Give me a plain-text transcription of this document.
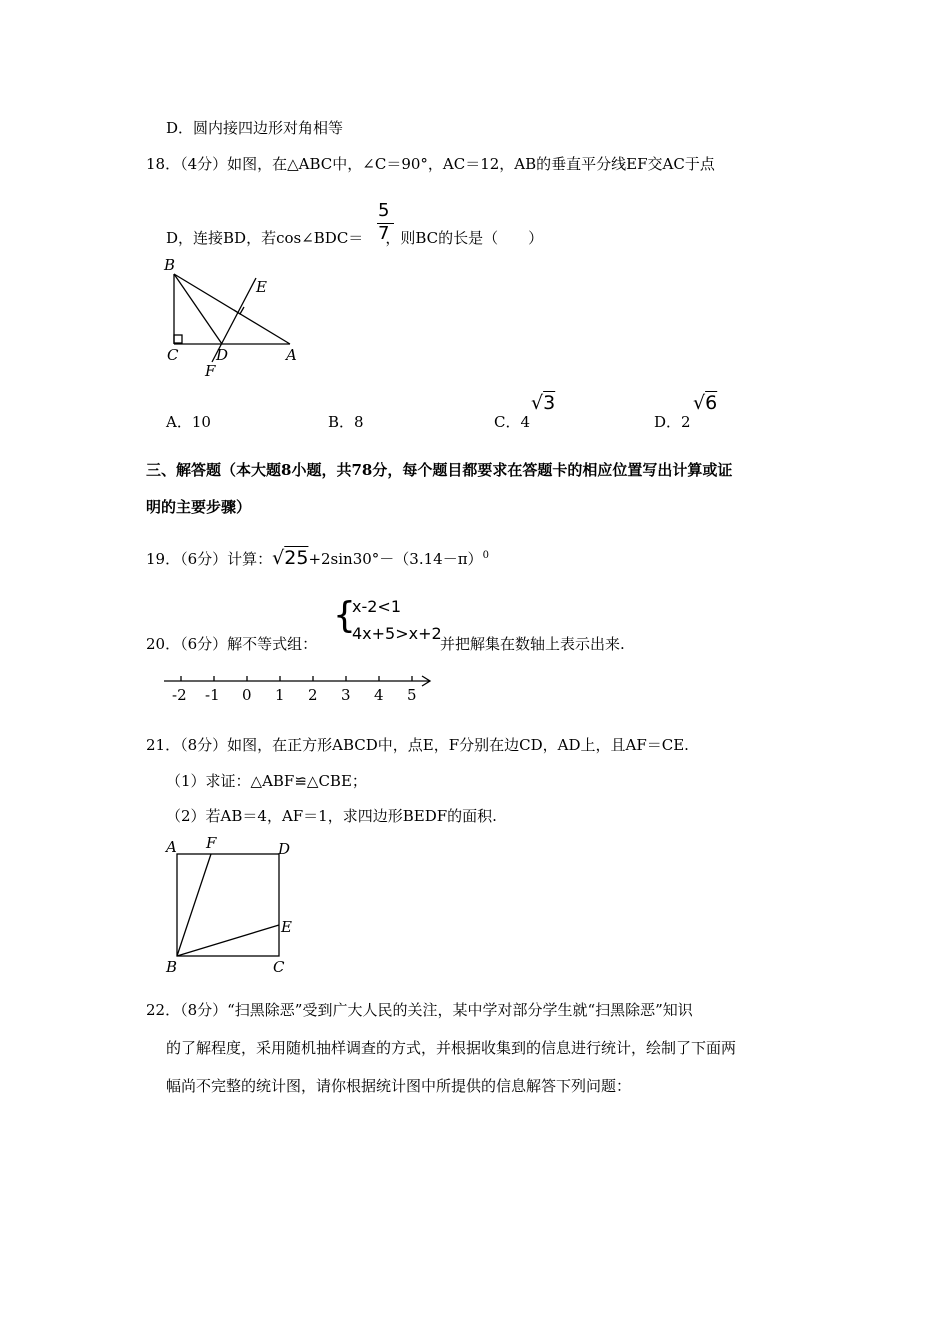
D．圆内接四边形对角相等
18．（4分）如图，在△ABC中，∠C＝90°，AC＝12，AB的垂直平分线EF交AC于点
D，连接BD，若cos∠BDC＝ ，则BC的长是（　　）
5
7
B
C	D	A
E
F
A．10	B．8	C．4
√3
D．2
√6
三、解答题（本大题8小题，共78分，每个题目都要求在答题卡的相应位置写出计算或证
明的主要步骤）
19．（6分）计算：$√25+2\sin 30^\circ-(3.14-\pi)^0$
20．（6分）解不等式组：
{
x-2<1
4x+5>x+2
并把解集在数轴上表示出来.
-2 -1 0 1 2 3 4 5
21．（8分）如图，在正方形ABCD中，点E，F分别在边CD，AD上，且AF＝CE.
（1）求证：△ABF≌△CBE；
（2）若AB＝4，AF＝1，求四边形BEDF的面积.
A F	D
E
B	C
22．（8分）“扫黑除恶”受到广大人民的关注，某中学对部分学生就“扫黑除恶”知识
的了解程度，采用随机抽样调查的方式，并根据收集到的信息进行统计，绘制了下面两
幅尚不完整的统计图，请你根据统计图中所提供的信息解答下列问题：
